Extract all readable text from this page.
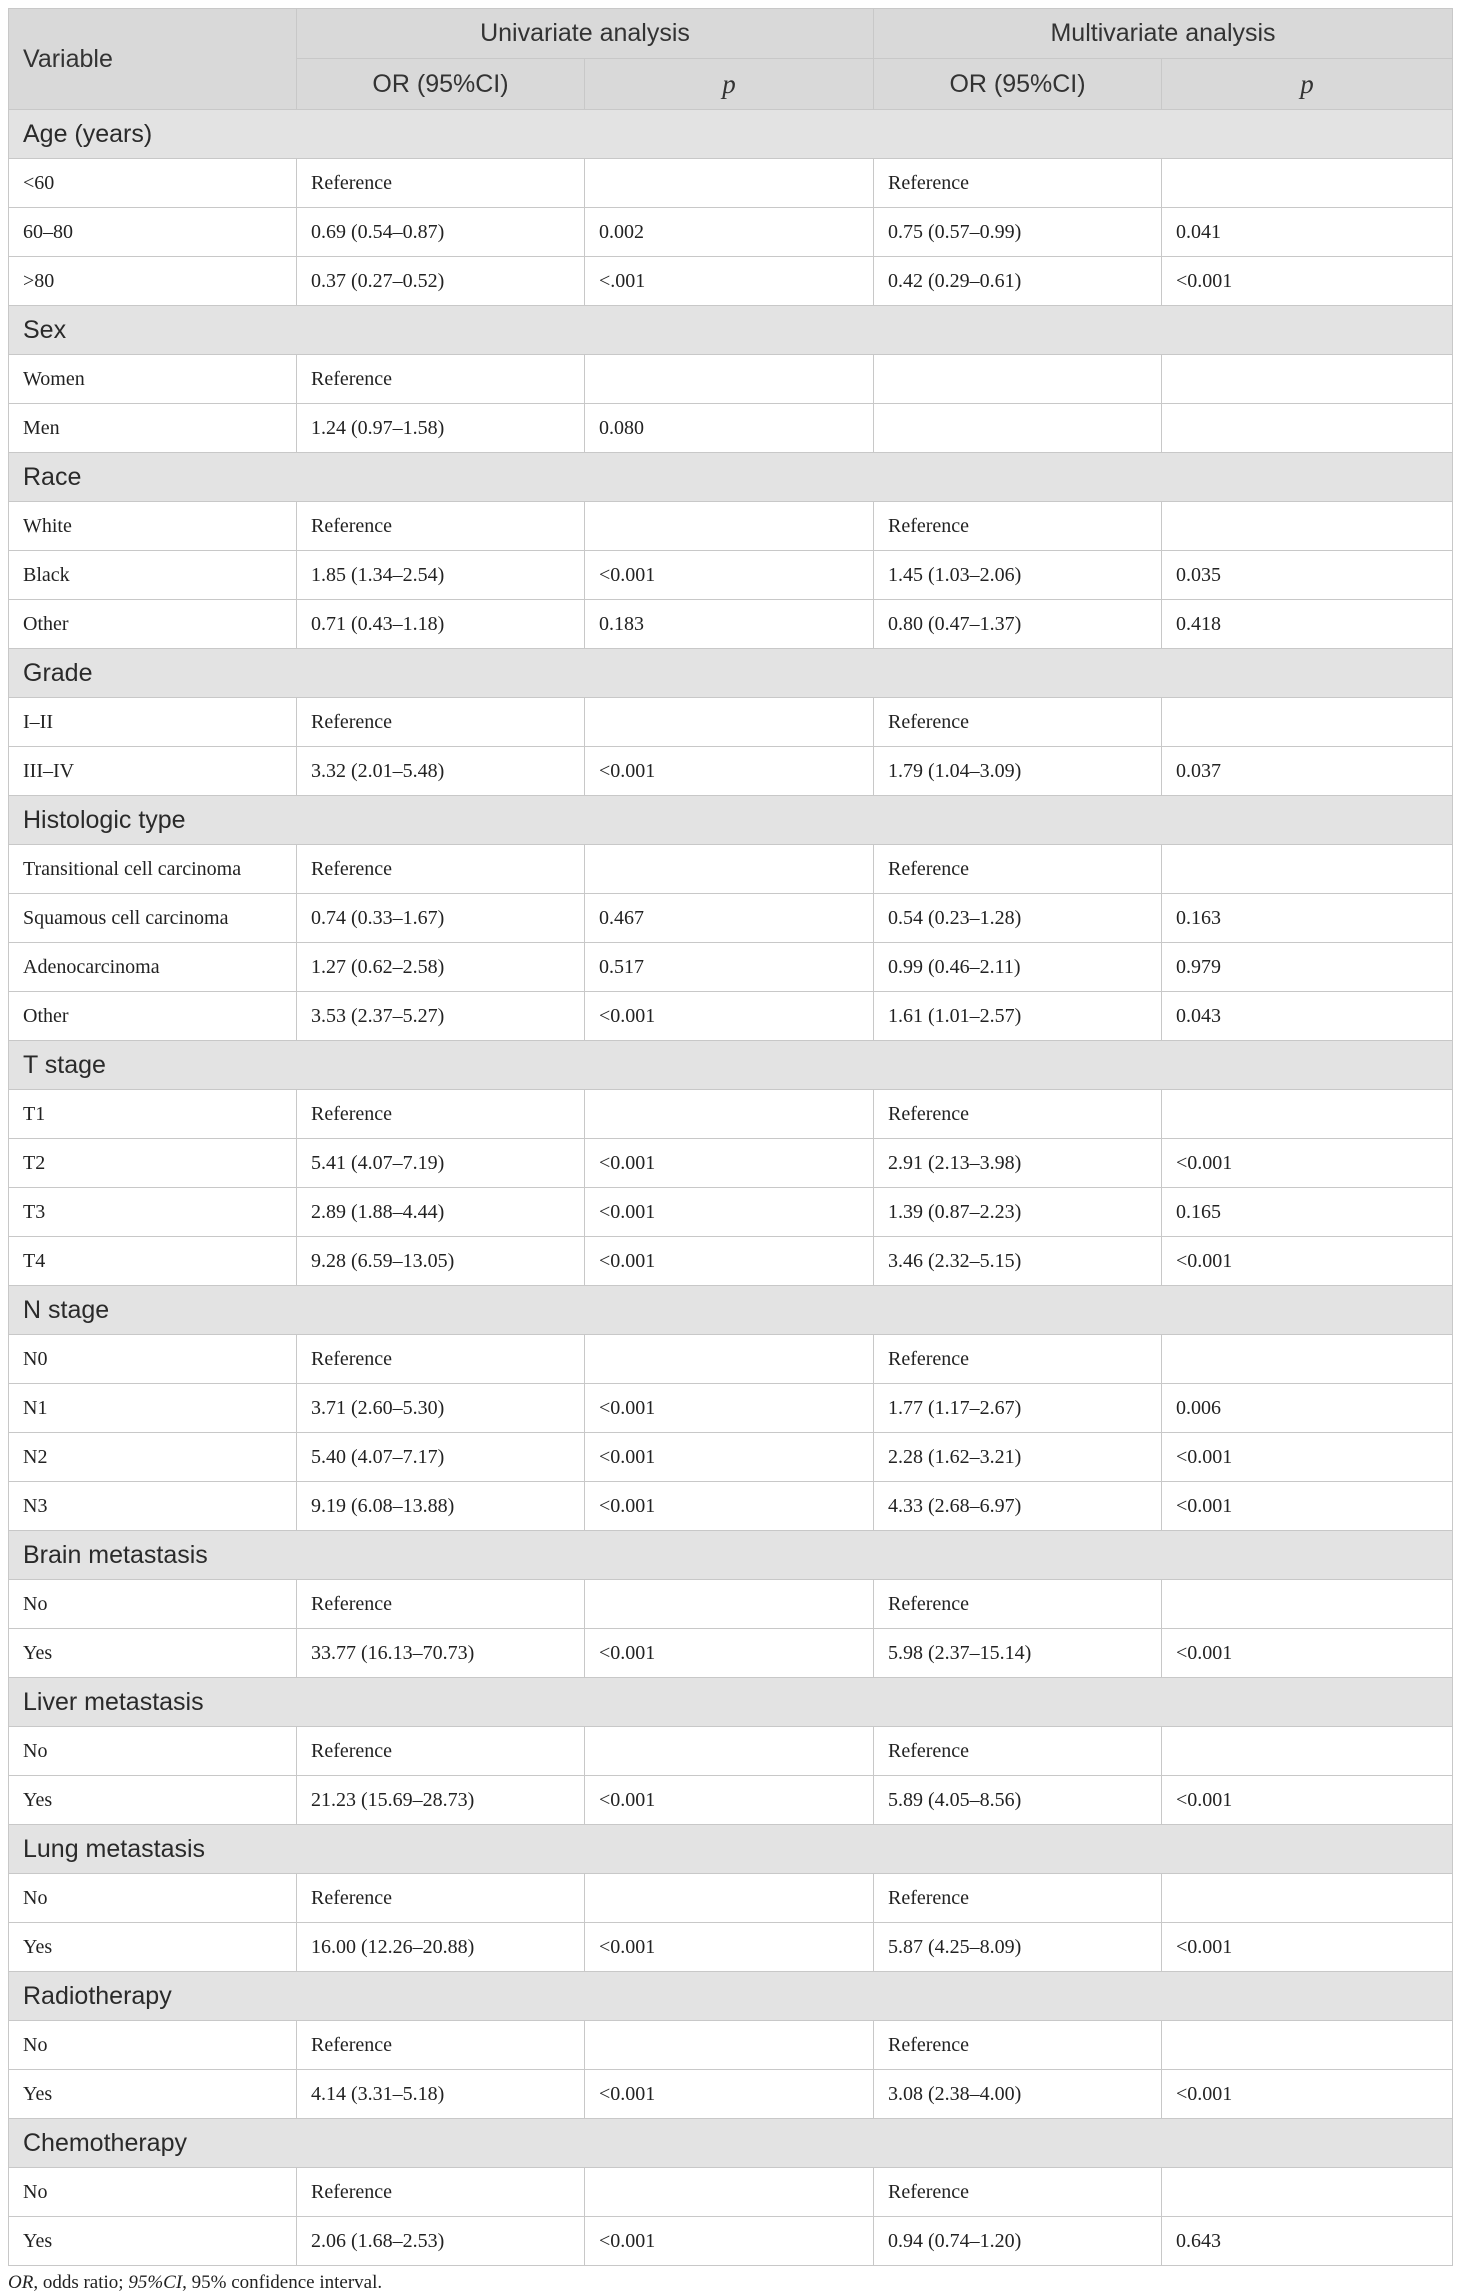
Variable	Univariate analysis		Multivariate analysis	
	OR (95%CI)	p	OR (95%CI)	p
Age (years)				
<60	Reference		Reference	
60–80	0.69 (0.54–0.87)	0.002	0.75 (0.57–0.99)	0.041
>80	0.37 (0.27–0.52)	<.001	0.42 (0.29–0.61)	<0.001
Sex				
Women	Reference			
Men	1.24 (0.97–1.58)	0.080		
Race				
White	Reference		Reference	
Black	1.85 (1.34–2.54)	<0.001	1.45 (1.03–2.06)	0.035
Other	0.71 (0.43–1.18)	0.183	0.80 (0.47–1.37)	0.418
Grade				
I–II	Reference		Reference	
III–IV	3.32 (2.01–5.48)	<0.001	1.79 (1.04–3.09)	0.037
Histologic type				
Transitional cell carcinoma	Reference		Reference	
Squamous cell carcinoma	0.74 (0.33–1.67)	0.467	0.54 (0.23–1.28)	0.163
Adenocarcinoma	1.27 (0.62–2.58)	0.517	0.99 (0.46–2.11)	0.979
Other	3.53 (2.37–5.27)	<0.001	1.61 (1.01–2.57)	0.043
T stage				
T1	Reference		Reference	
T2	5.41 (4.07–7.19)	<0.001	2.91 (2.13–3.98)	<0.001
T3	2.89 (1.88–4.44)	<0.001	1.39 (0.87–2.23)	0.165
T4	9.28 (6.59–13.05)	<0.001	3.46 (2.32–5.15)	<0.001
N stage				
N0	Reference		Reference	
N1	3.71 (2.60–5.30)	<0.001	1.77 (1.17–2.67)	0.006
N2	5.40 (4.07–7.17)	<0.001	2.28 (1.62–3.21)	<0.001
N3	9.19 (6.08–13.88)	<0.001	4.33 (2.68–6.97)	<0.001
Brain metastasis				
No	Reference		Reference	
Yes	33.77 (16.13–70.73)	<0.001	5.98 (2.37–15.14)	<0.001
Liver metastasis				
No	Reference		Reference	
Yes	21.23 (15.69–28.73)	<0.001	5.89 (4.05–8.56)	<0.001
Lung metastasis				
No	Reference		Reference	
Yes	16.00 (12.26–20.88)	<0.001	5.87 (4.25–8.09)	<0.001
Radiotherapy				
No	Reference		Reference	
Yes	4.14 (3.31–5.18)	<0.001	3.08 (2.38–4.00)	<0.001
Chemotherapy				
No	Reference		Reference	
Yes	2.06 (1.68–2.53)	<0.001	0.94 (0.74–1.20)	0.643
OR, odds ratio; 95%CI, 95% confidence interval.
